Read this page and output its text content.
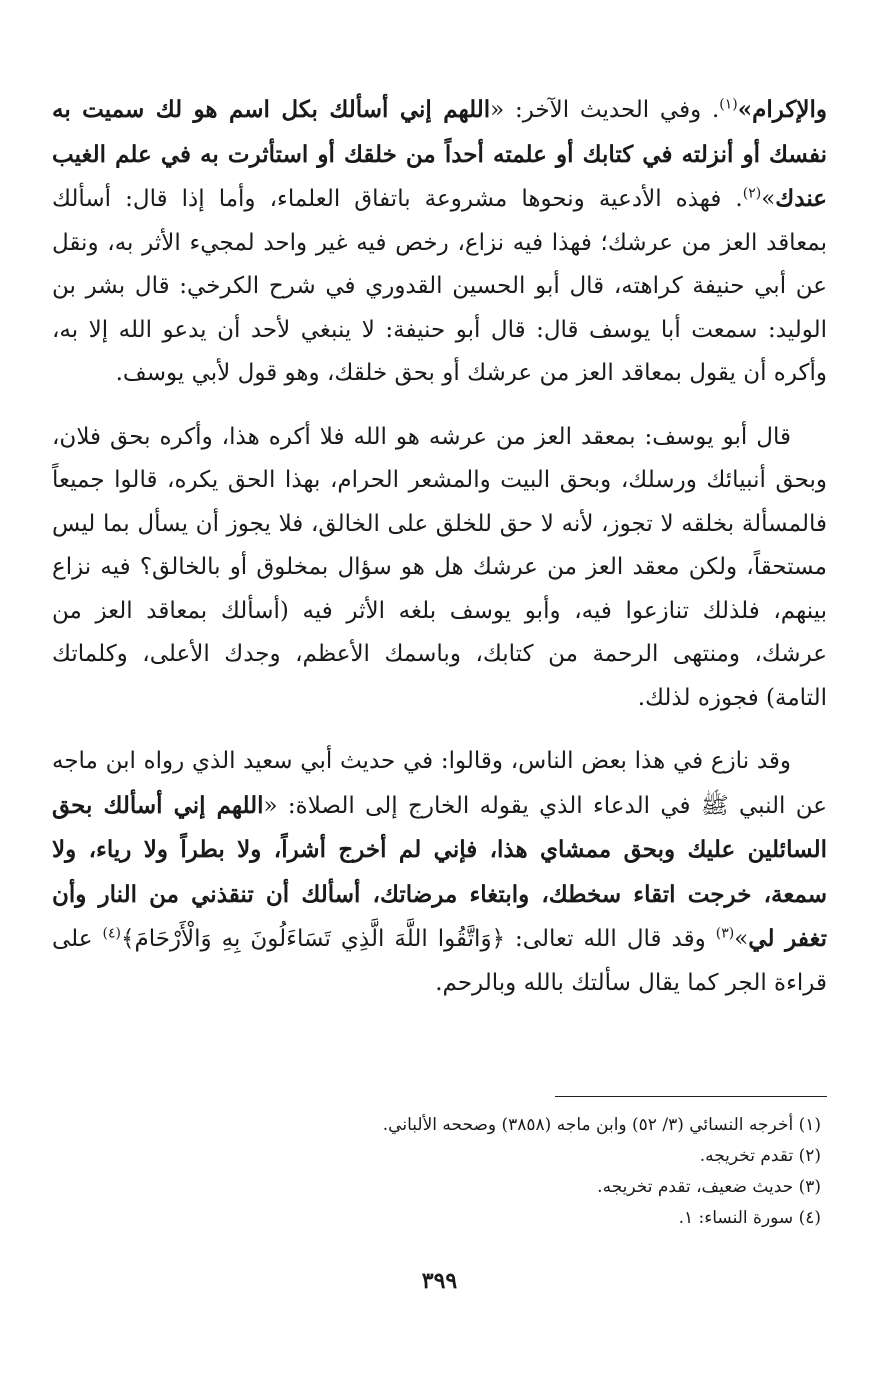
والإكرام»$^{(١)}$. وفي الحديث الآخر: «اللهم إني أسألك بكل اسم هو لك سميت به نفسك أو أنزلته في كتابك أو علمته أحداً من خلقك أو استأثرت به في علم الغيب عندك»$^{(٢)}$. فهذه الأدعية ونحوها مشروعة باتفاق العلماء، وأما إذا قال: أسألك بمعاقد العز من عرشك؛ فهذا فيه نزاع، رخص فيه غير واحد لمجيء الأثر به، ونقل عن أبي حنيفة كراهته، قال أبو الحسين القدوري في شرح الكرخي: قال بشر بن الوليد: سمعت أبا يوسف قال: قال أبو حنيفة: لا ينبغي لأحد أن يدعو الله إلا به، وأكره أن يقول بمعاقد العز من عرشك أو بحق خلقك، وهو قول لأبي يوسف.
قال أبو يوسف: بمعقد العز من عرشه هو الله فلا أكره هذا، وأكره بحق فلان، وبحق أنبيائك ورسلك، وبحق البيت والمشعر الحرام، بهذا الحق يكره، قالوا جميعاً فالمسألة بخلقه لا تجوز، لأنه لا حق للخلق على الخالق، فلا يجوز أن يسأل بما ليس مستحقاً، ولكن معقد العز من عرشك هل هو سؤال بمخلوق أو بالخالق؟ فيه نزاع بينهم، فلذلك تنازعوا فيه، وأبو يوسف بلغه الأثر فيه (أسألك بمعاقد العز من عرشك، ومنتهى الرحمة من كتابك، وباسمك الأعظم، وجدك الأعلى، وكلماتك التامة) فجوزه لذلك.
وقد نازع في هذا بعض الناس، وقالوا: في حديث أبي سعيد الذي رواه ابن ماجه عن النبي ﷺ في الدعاء الذي يقوله الخارج إلى الصلاة: «اللهم إني أسألك بحق السائلين عليك وبحق ممشاي هذا، فإني لم أخرج أشراً، ولا بطراً ولا رياء، ولا سمعة، خرجت اتقاء سخطك، وابتغاء مرضاتك، أسألك أن تنقذني من النار وأن تغفر لي»$^{(٣)}$ وقد قال الله تعالى: ﴿وَاتَّقُوا اللَّهَ الَّذِي تَسَاءَلُونَ بِهِ وَالْأَرْحَامَ﴾$^{(٤)}$ على قراءة الجر كما يقال سألتك بالله وبالرحم.

(١) أخرجه النسائي (٣/ ٥٢) وابن ماجه (٣٨٥٨) وصححه الألباني.

(٢) تقدم تخريجه.

(٣) حديث ضعيف، تقدم تخريجه.

(٤) سورة النساء: ١.

٣٩٩
